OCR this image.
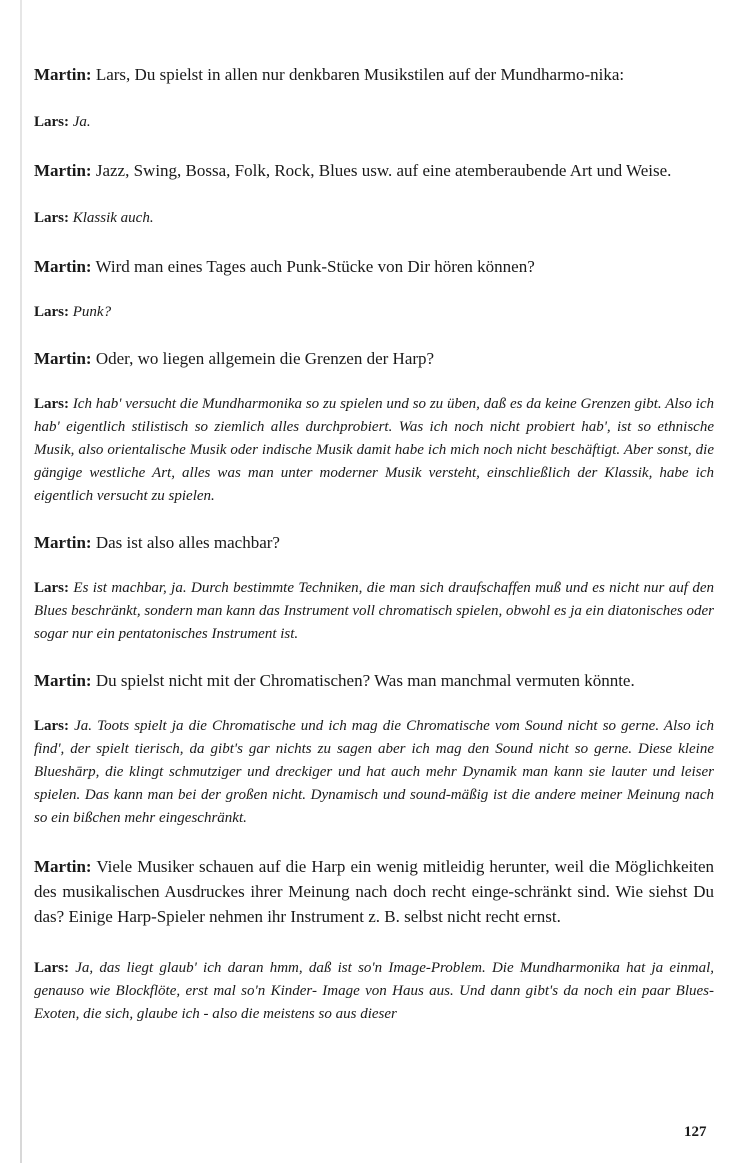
Martin: Lars, Du spielst in allen nur denkbaren Musikstilen auf der Mundharmo-nika:

Lars: Ja.

Martin: Jazz, Swing, Bossa, Folk, Rock, Blues usw. auf eine atemberaubende Art und Weise.

Lars: Klassik auch.

Martin: Wird man eines Tages auch Punk-Stücke von Dir hören können?

Lars: Punk?

Martin: Oder, wo liegen allgemein die Grenzen der Harp?

Lars: Ich hab' versucht die Mundharmonika so zu spielen und so zu üben, daß es da keine Grenzen gibt. Also ich hab' eigentlich stilistisch so ziemlich alles durchprobiert. Was ich noch nicht probiert hab', ist so ethnische Musik, also orientalische Musik oder indische Musik damit habe ich mich noch nicht beschäftigt. Aber sonst, die gängige westliche Art, alles was man unter moderner Musik versteht, einschließlich der Klassik, habe ich eigentlich versucht zu spielen.

Martin: Das ist also alles machbar?

Lars: Es ist machbar, ja. Durch bestimmte Techniken, die man sich draufschaffen muß und es nicht nur auf den Blues beschränkt, sondern man kann das Instrument voll chromatisch spielen, obwohl es ja ein diatonisches oder sogar nur ein pentatonisches Instrument ist.

Martin: Du spielst nicht mit der Chromatischen? Was man manchmal vermuten könnte.

Lars: Ja. Toots spielt ja die Chromatische und ich mag die Chromatische vom Sound nicht so gerne. Also ich find', der spielt tierisch, da gibt's gar nichts zu sagen aber ich mag den Sound nicht so gerne. Diese kleine Blueshārp, die klingt schmutziger und dreckiger und hat auch mehr Dynamik man kann sie lauter und leiser spielen. Das kann man bei der großen nicht. Dynamisch und sound-mäßig ist die andere meiner Meinung nach so ein bißchen mehr eingeschränkt.

Martin: Viele Musiker schauen auf die Harp ein wenig mitleidig herunter, weil die Möglichkeiten des musikalischen Ausdruckes ihrer Meinung nach doch recht einge-schränkt sind. Wie siehst Du das? Einige Harp-Spieler nehmen ihr Instrument z. B. selbst nicht recht ernst.

Lars: Ja, das liegt glaub' ich daran hmm, daß ist so'n Image-Problem. Die Mundharmonika hat ja einmal, genauso wie Blockflöte, erst mal so'n Kinder- Image von Haus aus. Und dann gibt's da noch ein paar Blues-Exoten, die sich, glaube ich - also die meistens so aus dieser

127
